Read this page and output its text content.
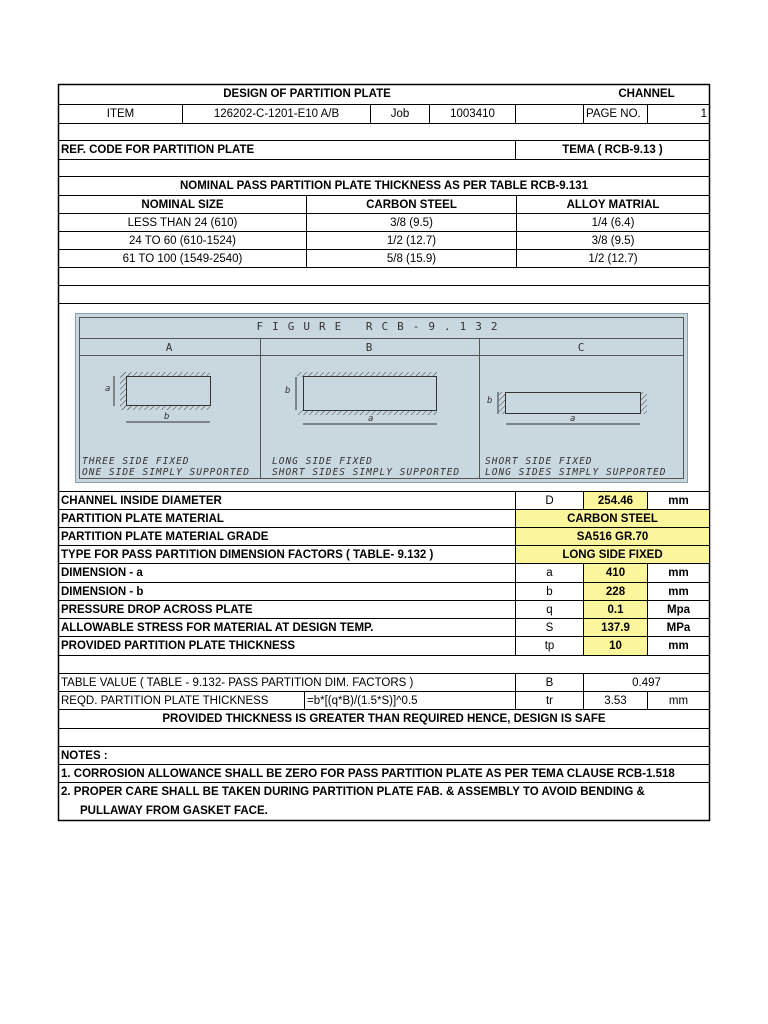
DESIGN OF PARTITION PLATE	CHANNEL
ITEM	126202-C-1201-E10 A/B	Job	1003410	PAGE NO.	1
REF. CODE FOR PARTITION PLATE	TEMA ( RCB-9.13 )
NOMINAL PASS PARTITION PLATE THICKNESS AS PER TABLE RCB-9.131
NOMINAL SIZE	CARBON STEEL	ALLOY MATRIAL
LESS THAN 24 (610)	3/8 (9.5)	1/4 (6.4)
24 TO 60 (610-1524)	1/2 (12.7)	3/8 (9.5)
61 TO 100 (1549-2540)	5/8 (15.9)	1/2 (12.7)
FIGURE RCB-9.132
A	B	C
a
b
b
a
b
a
THREE SIDE FIXED
ONE SIDE SIMPLY SUPPORTED
LONG SIDE FIXED
SHORT SIDES SIMPLY SUPPORTED
SHORT SIDE FIXED
LONG SIDES SIMPLY SUPPORTED
CHANNEL INSIDE DIAMETER	D	254.46	mm
PARTITION PLATE MATERIAL	CARBON STEEL
PARTITION PLATE MATERIAL GRADE	SA516 GR.70
TYPE FOR PASS PARTITION DIMENSION FACTORS ( TABLE- 9.132 )	LONG SIDE FIXED
DIMENSION - a	a	410	mm
DIMENSION - b	b	228	mm
PRESSURE DROP ACROSS PLATE	q	0.1	Mpa
ALLOWABLE STRESS FOR MATERIAL AT DESIGN TEMP.	S	137.9	MPa
PROVIDED PARTITION PLATE THICKNESS	tp	10	mm
TABLE VALUE ( TABLE - 9.132- PASS PARTITION DIM. FACTORS )	B	0.497
REQD. PARTITION PLATE THICKNESS	=b*[(q*B)/(1.5*S)]^0.5	tr	3.53	mm
PROVIDED THICKNESS IS GREATER THAN REQUIRED HENCE, DESIGN IS SAFE
NOTES :
1. CORROSION ALLOWANCE SHALL BE ZERO FOR PASS PARTITION PLATE AS PER TEMA CLAUSE RCB-1.518
2. PROPER CARE SHALL BE TAKEN DURING PARTITION PLATE FAB. & ASSEMBLY TO AVOID BENDING &
PULLAWAY FROM GASKET FACE.
